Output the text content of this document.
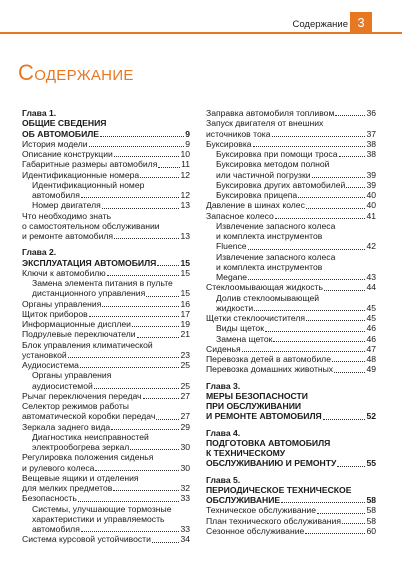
Содержание 3
Содержание
Глава 1.
ОБЩИЕ СВЕДЕНИЯ
ОБ АВТОМОБИЛЕ	9
История модели	9
Описание конструкции	10
Габаритные размеры автомобиля	11
Идентификационные номера	12
Идентификационный номер
автомобиля	12
Номер двигателя	13
Что необходимо знать
о самостоятельном обслуживании
и ремонте автомобиля	13
Глава 2.
ЭКСПЛУАТАЦИЯ АВТОМОБИЛЯ	15
Ключи к автомобилю	15
Замена элемента питания в пульте
дистанционного управления	15
Органы управления	16
Щиток приборов	17
Информационные дисплеи	19
Подрулевые переключатели	21
Блок управления климатической
установкой	23
Аудиосистема	25
Органы управления
аудиосистемой	25
Рычаг переключения передач	27
Селектор режимов работы
автоматической коробки передач	27
Зеркала заднего вида	29
Диагностика неисправностей
электрообогрева зеркал	30
Регулировка положения сиденья
и рулевого колеса	30
Вещевые ящики и отделения
для мелких предметов	32
Безопасность	33
Системы, улучшающие тормозные
характеристики и управляемость
автомобиля	33
Система курсовой устойчивости	34
Заправка автомобиля топливом	36
Запуск двигателя от внешних
источников тока	37
Буксировка	38
Буксировка при помощи троса	38
Буксировка методом полной
или частичной погрузки	39
Буксировка других автомобилей 39
Буксировка прицепа	40
Давление в шинах колес	40
Запасное колесо	41
Извлечение запасного колеса
и комплекта инструментов
Fluence	42
Извлечение запасного колеса
и комплекта инструментов
Megane	43
Стеклоомывающая жидкость	44
Долив стеклоомывающей
жидкости	45
Щетки стеклоочистителя	45
Виды щеток	46
Замена щеток	46
Сиденья	47
Перевозка детей в автомобиле	48
Перевозка домашних животных	49
Глава 3.
МЕРЫ БЕЗОПАСНОСТИ
ПРИ ОБСЛУЖИВАНИИ
И РЕМОНТЕ АВТОМОБИЛЯ	52
Глава 4.
ПОДГОТОВКА АВТОМОБИЛЯ
К ТЕХНИЧЕСКОМУ
ОБСЛУЖИВАНИЮ И РЕМОНТУ	55
Глава 5.
ПЕРИОДИЧЕСКОЕ ТЕХНИЧЕСКОЕ
ОБСЛУЖИВАНИЕ	58
Техническое обслуживание	58
План технического обслуживания	58
Сезонное обслуживание	60
